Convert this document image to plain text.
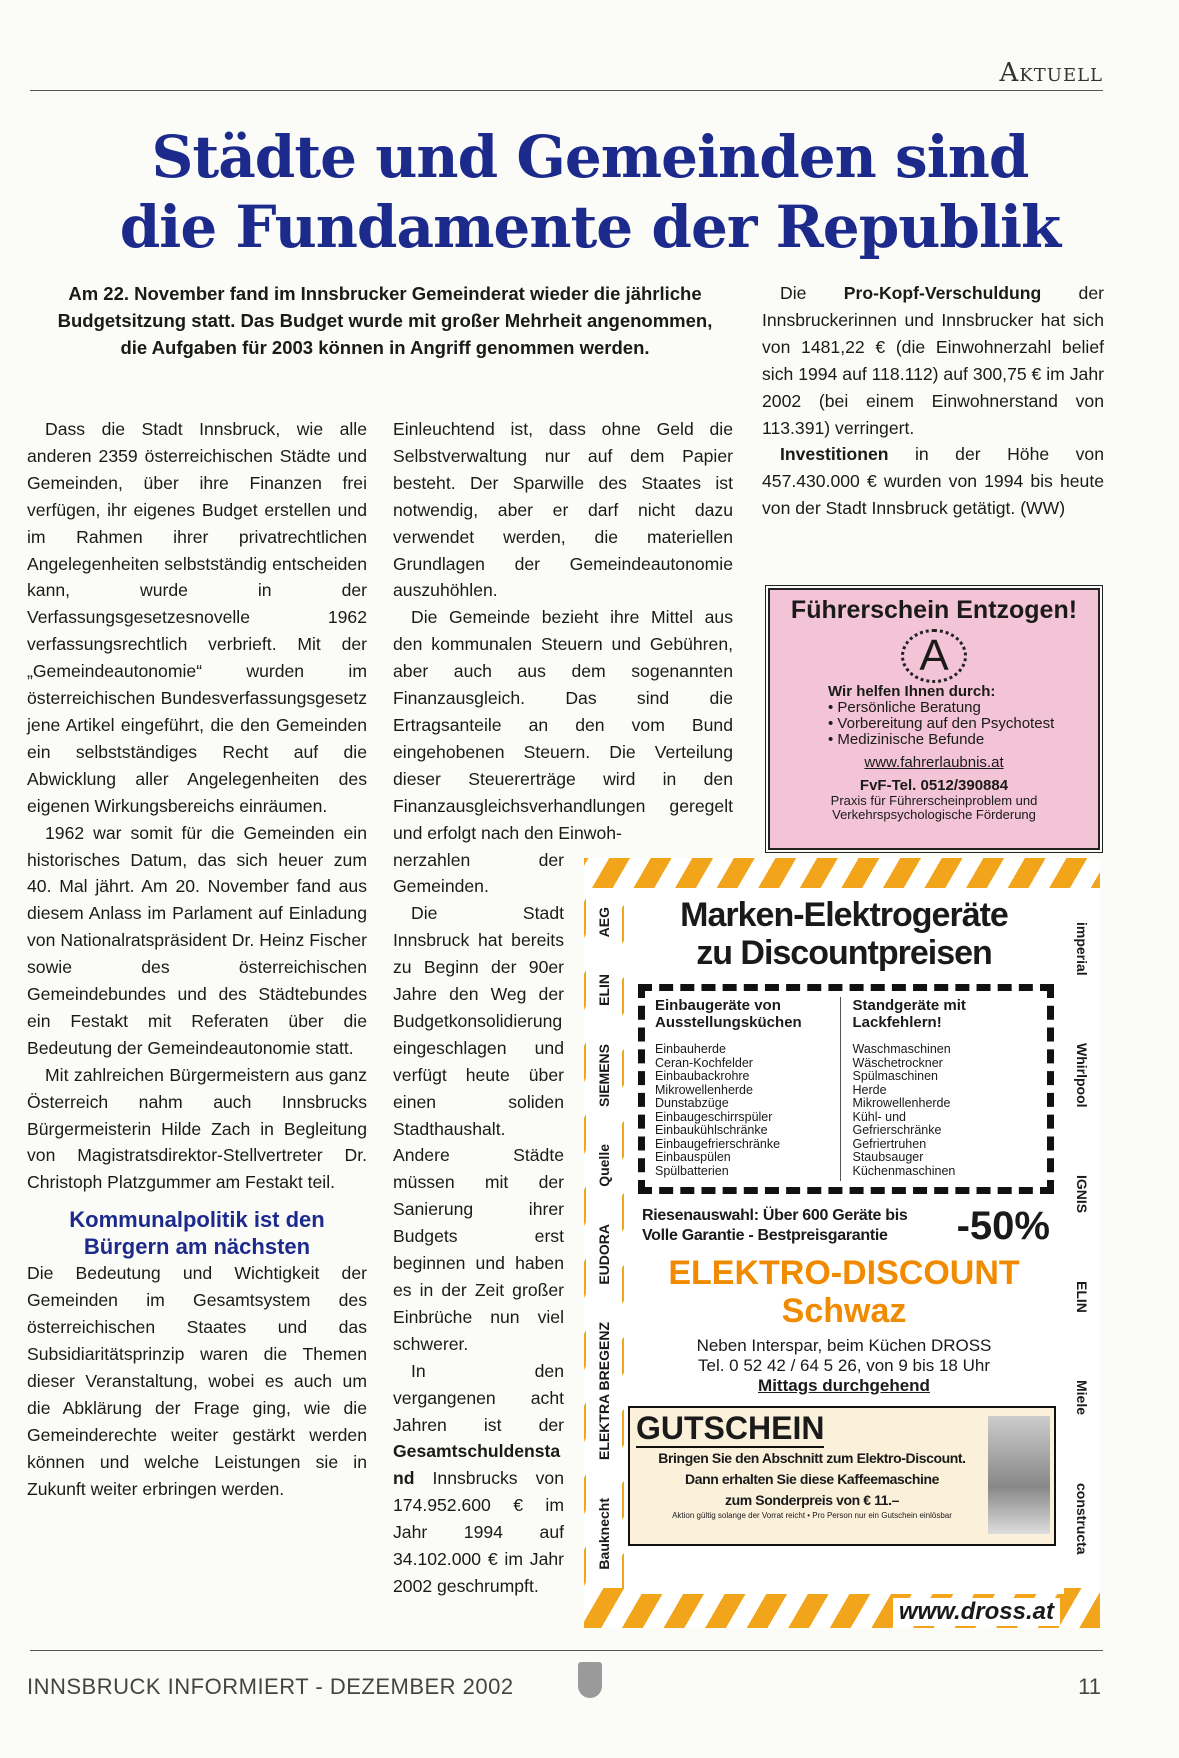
Aktuell
Städte und Gemeinden sind
die Fundamente der Republik
Am 22. November fand im Innsbrucker Gemeinderat wieder die jährliche Budgetsitzung statt. Das Budget wurde mit großer Mehrheit angenommen, die Aufgaben für 2003 können in Angriff genommen werden.

Dass die Stadt Innsbruck, wie alle anderen 2359 österreichischen Städte und Gemeinden, über ihre Finanzen frei verfügen, ihr eigenes Budget erstellen und im Rahmen ihrer privatrechtlichen Angelegenheiten selbstständig entscheiden kann, wurde in der Verfassungsgesetzesnovelle 1962 verfassungsrechtlich verbrieft. Mit der „Gemeindeautonomie“ wurden im österreichischen Bundesverfassungsgesetz jene Artikel eingeführt, die den Gemeinden ein selbstständiges Recht auf die Abwicklung aller Angelegenheiten des eigenen Wirkungsbereichs einräumen.

1962 war somit für die Gemeinden ein historisches Datum, das sich heuer zum 40. Mal jährt. Am 20. November fand aus diesem Anlass im Parlament auf Einladung von Nationalratspräsident Dr. Heinz Fischer sowie des österreichischen Gemeindebundes und des Städtebundes ein Festakt mit Referaten über die Bedeutung der Gemeindeautonomie statt.

Mit zahlreichen Bürgermeistern aus ganz Österreich nahm auch Innsbrucks Bürgermeisterin Hilde Zach in Begleitung von Magistratsdirektor-Stellvertreter Dr. Christoph Platzgummer am Festakt teil.

Kommunalpolitik ist den Bürgern am nächsten

Die Bedeutung und Wichtigkeit der Gemeinden im Gesamtsystem des österreichischen Staates und das Subsidiaritätsprinzip waren die Themen dieser Veranstaltung, wobei es auch um die Abklärung der Frage ging, wie die Gemeinderechte weiter gestärkt werden können und welche Leistungen sie in Zukunft weiter erbringen werden.

Einleuchtend ist, dass ohne Geld die Selbstverwaltung nur auf dem Papier besteht. Der Sparwille des Staates ist notwendig, aber er darf nicht dazu verwendet werden, die materiellen Grundlagen der Gemeindeautonomie auszuhöhlen.

Die Gemeinde bezieht ihre Mittel aus den kommunalen Steuern und Gebühren, aber auch aus dem sogenannten Finanzausgleich. Das sind die Ertragsanteile an den vom Bund eingehobenen Steuern. Die Verteilung dieser Steuererträge wird in den Finanzausgleichsverhandlungen geregelt und erfolgt nach den Einwoh-

nerzahlen der Gemeinden.

Die Stadt Innsbruck hat bereits zu Beginn der 90er Jahre den Weg der Budgetkonsolidierung eingeschlagen und verfügt heute über einen soliden Stadthaushalt. Andere Städte müssen mit der Sanierung ihrer Budgets erst beginnen und haben es in der Zeit großer Einbrüche nun viel schwerer.

In den vergangenen acht Jahren ist der Gesamtschuldenstand Innsbrucks von 174.952.600 € im Jahr 1994 auf 34.102.000 € im Jahr 2002 geschrumpft.

Die Pro-Kopf-Verschuldung der Innsbruckerinnen und Innsbrucker hat sich von 1481,22 € (die Einwohnerzahl belief sich 1994 auf 118.112) auf 300,75 € im Jahr 2002 (bei einem Einwohnerstand von 113.391) verringert.

Investitionen in der Höhe von 457.430.000 € wurden von 1994 bis heute von der Stadt Innsbruck getätigt. (WW)

Führerschein Entzogen!
A
Wir helfen Ihnen durch:
• Persönliche Beratung
• Vorbereitung auf den Psychotest
• Medizinische Befunde
www.fahrerlaubnis.at
FvF-Tel. 0512/390884
Praxis für Führerscheinproblem und Verkehrspsychologische Förderung
AEG
ELIN
SIEMENS
Quelle
EUDORA
ELEKTRA BREGENZ
Bauknecht
imperial
Whirlpool
IGNIS
ELIN
Miele
constructa
Marken-Elektrogeräte
zu Discountpreisen
Einbaugeräte von Ausstellungsküchen
Einbauherde
Ceran-Kochfelder
Einbaubackrohre
Mikrowellenherde
Dunstabzüge
Einbaugeschirrspüler
Einbaukühlschränke
Einbaugefrierschränke
Einbauspülen
Spülbatterien
Standgeräte mit Lackfehlern!
Waschmaschinen
Wäschetrockner
Spülmaschinen
Herde
Mikrowellenherde
Kühl- und
Gefrierschränke
Gefriertruhen
Staubsauger
Küchenmaschinen
Riesenauswahl: Über 600 Geräte bis
Volle Garantie - Bestpreisgarantie	-50%
ELEKTRO-DISCOUNT
Schwaz
Neben Interspar, beim Küchen DROSS
Tel. 0 52 42 / 64 5 26, von 9 bis 18 Uhr
Mittags durchgehend
GUTSCHEIN
Bringen Sie den Abschnitt zum Elektro-Discount.
Dann erhalten Sie diese Kaffeemaschine
zum Sonderpreis von € 11.–
Aktion gültig solange der Vorrat reicht • Pro Person nur ein Gutschein einlösbar
www.dross.at
INNSBRUCK INFORMIERT - DEZEMBER 2002	11
